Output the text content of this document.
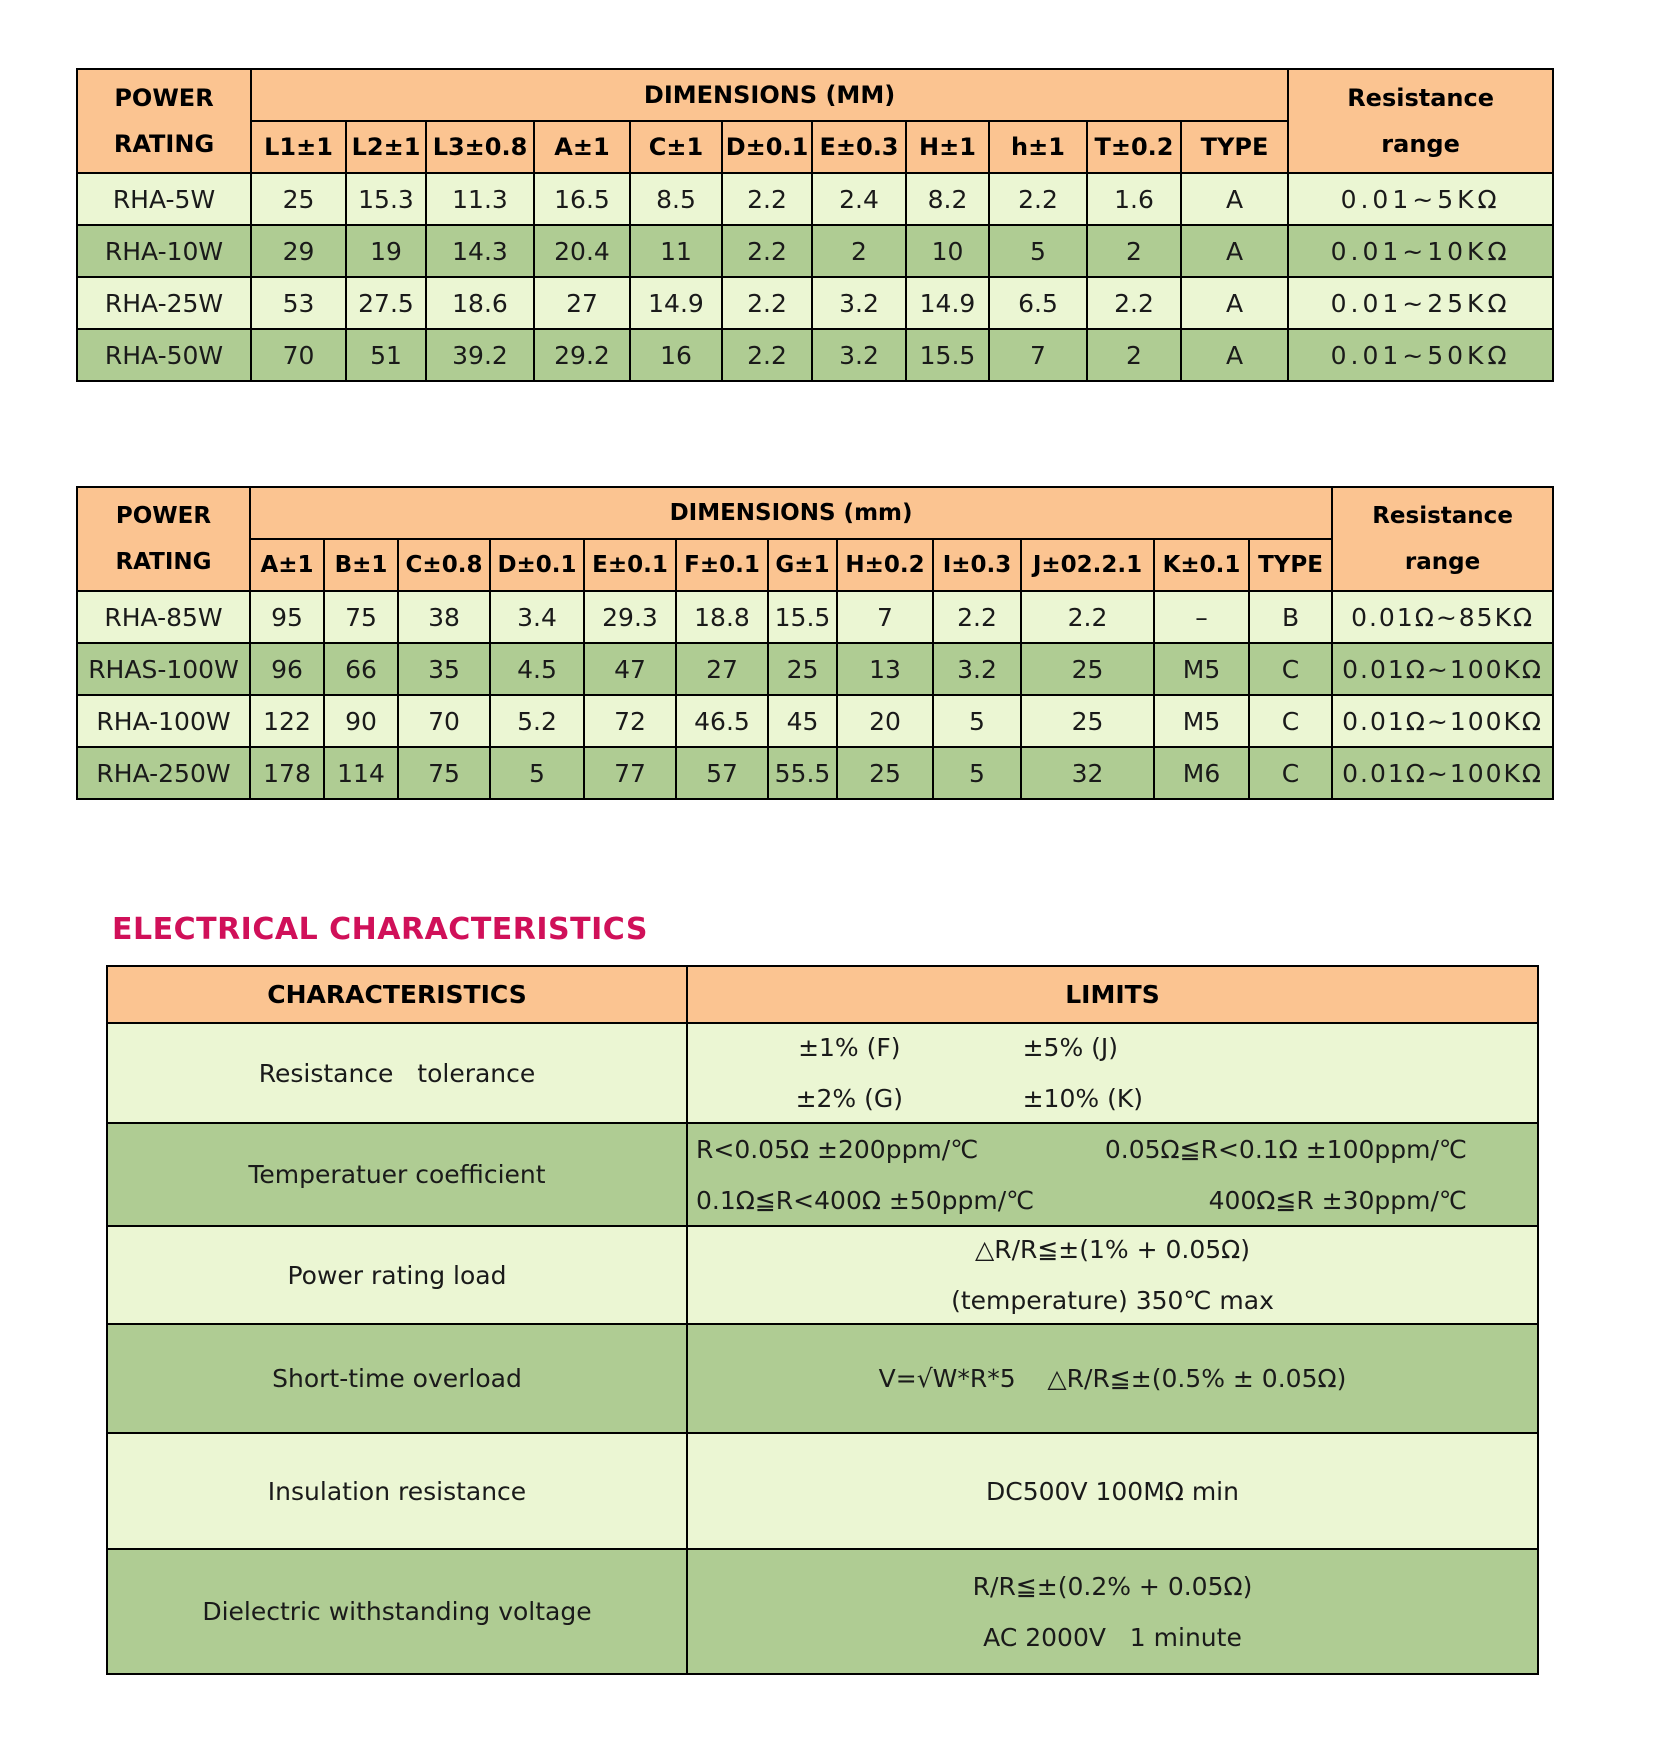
POWER
RATING
	DIMENSIONS (MM)	Resistance
range

	L1±1	L2±1	L3±0.8	A±1	C±1	D±0.1	E±0.3	H±1	h±1	T±0.2	TYPE	
RHA-5W	25	15.3	11.3	16.5	8.5	2.2	2.4	8.2	2.2	1.6	A	0.01~5KΩ
RHA-10W	29	19	14.3	20.4	11	2.2	2	10	5	2	A	0.01~10KΩ
RHA-25W	53	27.5	18.6	27	14.9	2.2	3.2	14.9	6.5	2.2	A	0.01~25KΩ
RHA-50W	70	51	39.2	29.2	16	2.2	3.2	15.5	7	2	A	0.01~50KΩ
POWER
RATING
	DIMENSIONS (mm)	Resistance
range

	A±1	B±1	C±0.8	D±0.1	E±0.1	F±0.1	G±1	H±0.2	I±0.3	J±02.2.1	K±0.1	TYPE	
RHA-85W	95	75	38	3.4	29.3	18.8	15.5	7	2.2	2.2	–	B	0.01Ω~85KΩ
RHAS-100W	96	66	35	4.5	47	27	25	13	3.2	25	M5	C	0.01Ω~100KΩ
RHA-100W	122	90	70	5.2	72	46.5	45	20	5	25	M5	C	0.01Ω~100KΩ
RHA-250W	178	114	75	5	77	57	55.5	25	5	32	M6	C	0.01Ω~100KΩ
ELECTRICAL CHARACTERISTICS
CHARACTERISTICS	LIMITS
Resistance   tolerance	±1% (F) ±5% (J)
±2% (G) ±10% (K)

Temperatuer coefficient	R<0.05Ω ±200ppm/℃ 0.05Ω≦R<0.1Ω ±100ppm/℃
0.1Ω≦R<400Ω ±50ppm/℃ 400Ω≦R ±30ppm/℃

Power rating load	△R/R≦±(1% + 0.05Ω)
(temperature) 350℃ max

Short-time overload	V=√W*R*5    △R/R≦±(0.5% ± 0.05Ω)

Insulation resistance	DC500V 100MΩ min

Dielectric withstanding voltage	R/R≦±(0.2% + 0.05Ω)
AC 2000V   1 minute
